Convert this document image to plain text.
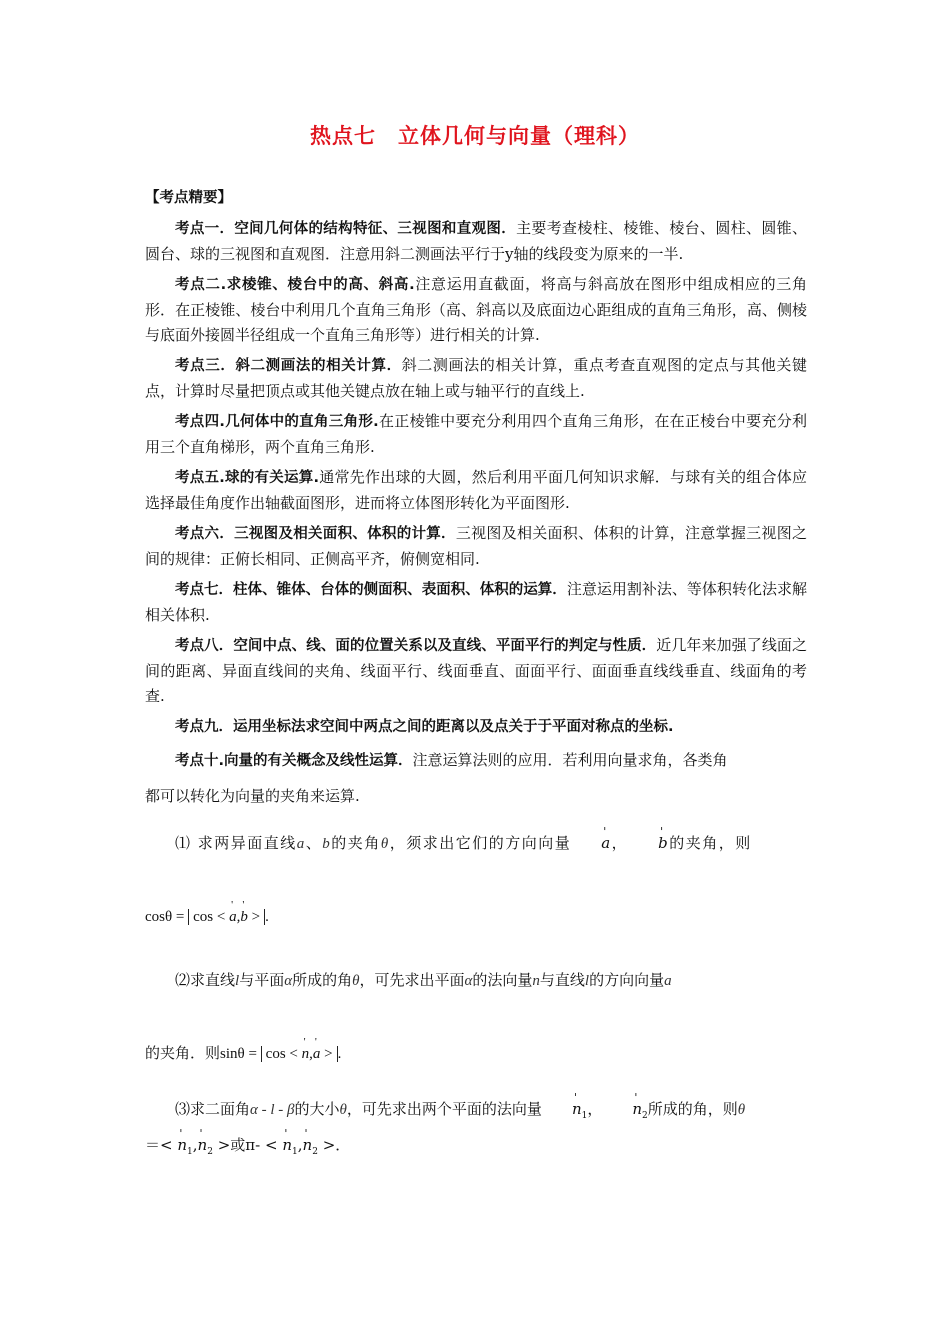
热点七　立体几何与向量（理科）
【考点精要】

考点一．空间几何体的结构特征、三视图和直观图．主要考查棱柱、棱锥、棱台、圆柱、圆锥、圆台、球的三视图和直观图．注意用斜二测画法平行于y轴的线段变为原来的一半.

考点二.求棱锥、棱台中的高、斜高.注意运用直截面，将高与斜高放在图形中组成相应的三角形．在正棱锥、棱台中利用几个直角三角形（高、斜高以及底面边心距组成的直角三角形，高、侧棱与底面外接圆半径组成一个直角三角形等）进行相关的计算.

考点三．斜二测画法的相关计算．斜二测画法的相关计算，重点考查直观图的定点与其他关键点，计算时尽量把顶点或其他关键点放在轴上或与轴平行的直线上.

考点四.几何体中的直角三角形.在正棱锥中要充分利用四个直角三角形，在在正棱台中要充分利用三个直角梯形，两个直角三角形.

考点五.球的有关运算.通常先作出球的大圆，然后利用平面几何知识求解．与球有关的组合体应选择最佳角度作出轴截面图形，进而将立体图形转化为平面图形.

考点六．三视图及相关面积、体积的计算．三视图及相关面积、体积的计算，注意掌握三视图之间的规律：正俯长相同、正侧高平齐，俯侧宽相同.

考点七．柱体、锥体、台体的侧面积、表面积、体积的运算．注意运用割补法、等体积转化法求解相关体积.

考点八．空间中点、线、面的位置关系以及直线、平面平行的判定与性质．近几年来加强了线面之间的距离、异面直线间的夹角、线面平行、线面垂直、面面平行、面面垂直线线垂直、线面角的考查.

考点九．运用坐标法求空间中两点之间的距离以及点关于于平面对称点的坐标.

考点十.向量的有关概念及线性运算．注意运算法则的应用．若利用向量求角，各类角

都可以转化为向量的夹角来运算.

⑴ 求两异面直线a、b的夹角θ，须求出它们的方向向量 ' a， ' b的夹角，则

cosθ = cos < ' a,' b > .

⑵求直线l与平面α所成的角θ，可先求出平面α的法向量n与直线l的方向向量a

的夹角．则sinθ = cos < ' n,' a > .

⑶求二面角α - l - β的大小θ，可先求出两个平面的法向量 ' $n_1$， ' $n_2$所成的角，则θ

＝< ' $n_1,'$ $n_2$ >或π- < ' $n_1,'$ $n_2$ >．
